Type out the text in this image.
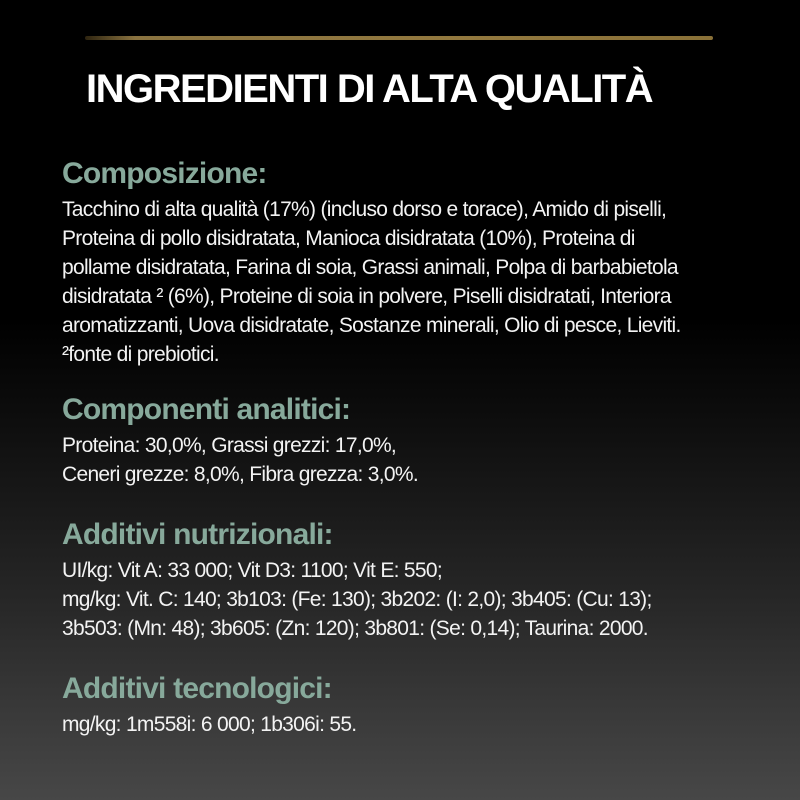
INGREDIENTI DI ALTA QUALITÀ
Composizione:
Tacchino di alta qualità (17%) (incluso dorso e torace), Amido di piselli,
Proteina di pollo disidratata, Manioca disidratata (10%), Proteina di
pollame disidratata, Farina di soia, Grassi animali, Polpa di barbabietola
disidratata ² (6%), Proteine di soia in polvere, Piselli disidratati, Interiora
aromatizzanti, Uova disidratate, Sostanze minerali, Olio di pesce, Lieviti.
²fonte di prebiotici.
Componenti analitici:
Proteina: 30,0%, Grassi grezzi: 17,0%,
Ceneri grezze: 8,0%, Fibra grezza: 3,0%.
Additivi nutrizionali:
UI/kg: Vit A: 33 000; Vit D3: 1100; Vit E: 550;
mg/kg: Vit. C: 140; 3b103: (Fe: 130); 3b202: (I: 2,0); 3b405: (Cu: 13);
3b503: (Mn: 48); 3b605: (Zn: 120); 3b801: (Se: 0,14); Taurina: 2000.
Additivi tecnologici:
mg/kg: 1m558i: 6 000; 1b306i: 55.
